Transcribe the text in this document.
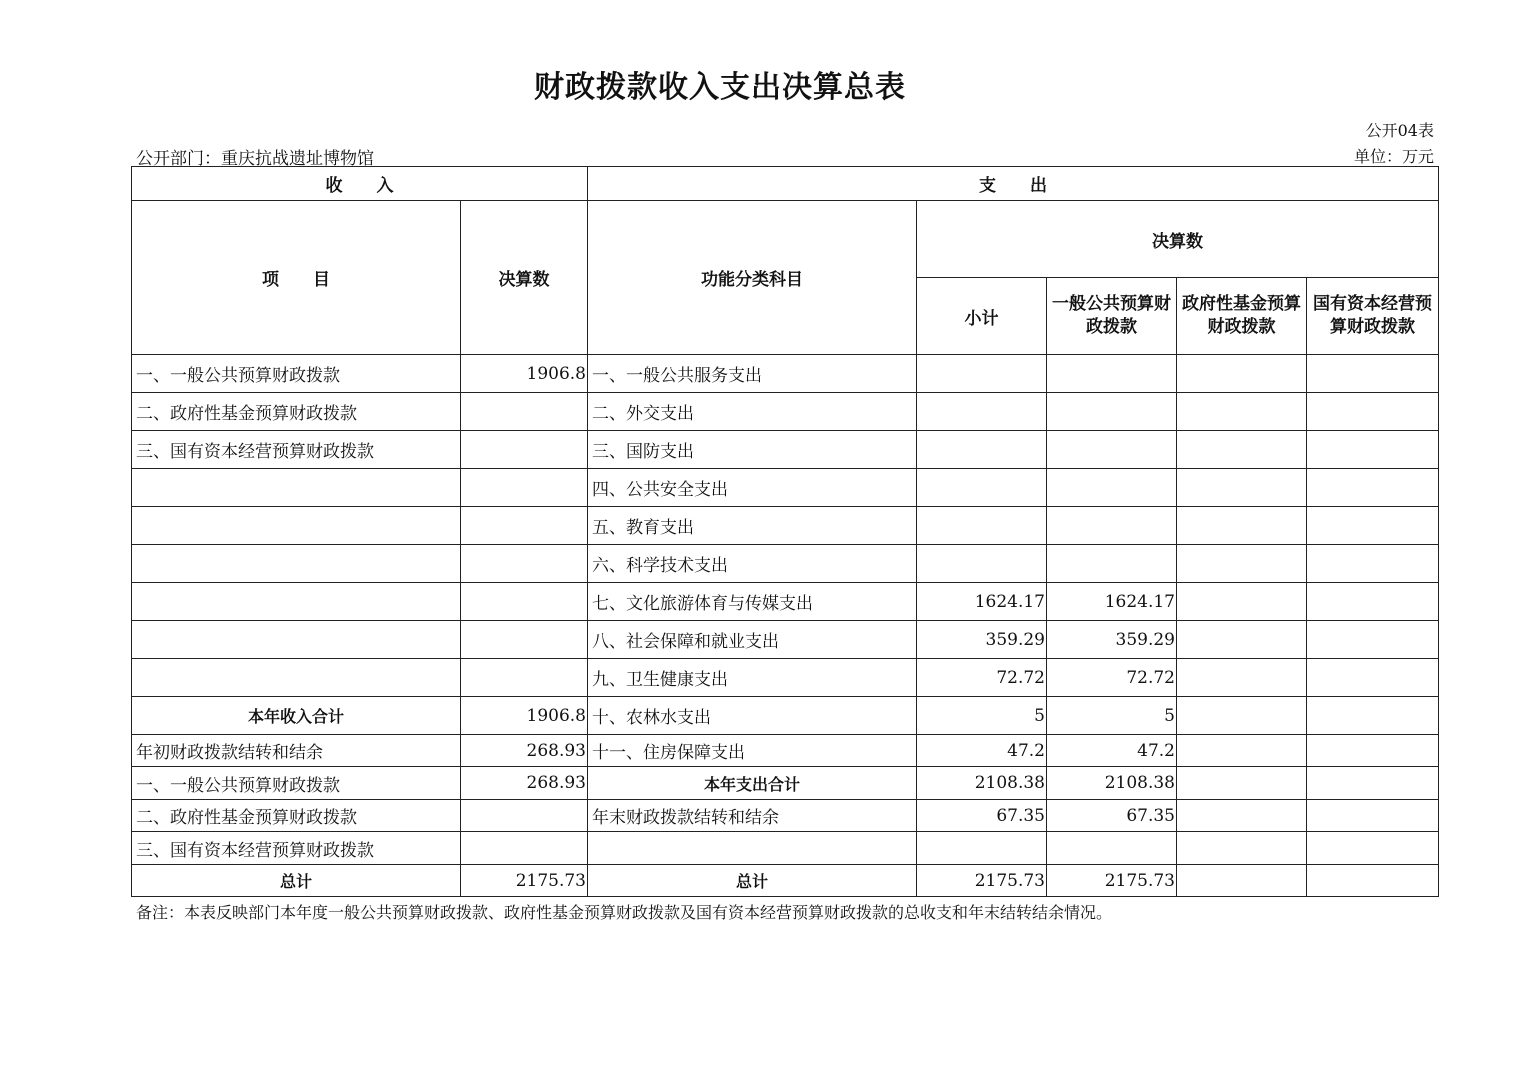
财政拨款收入支出决算总表
公开04表
公开部门：重庆抗战遗址博物馆	单位：万元
收　　入		支　　出				
项　　目	决算数	功能分类科目	决算数			
			小计	一般公共预算财政拨款	政府性基金预算财政拨款	国有资本经营预算财政拨款
一、一般公共预算财政拨款	1906.8	一、一般公共服务支出				
二、政府性基金预算财政拨款		二、外交支出				
三、国有资本经营预算财政拨款		三、国防支出				
		四、公共安全支出				
		五、教育支出				
		六、科学技术支出				
		七、文化旅游体育与传媒支出	1624.17	1624.17		
		八、社会保障和就业支出	359.29	359.29		
		九、卫生健康支出	72.72	72.72		
本年收入合计	1906.8	十、农林水支出	5	5		
年初财政拨款结转和结余	268.93	十一、住房保障支出	47.2	47.2		
一、一般公共预算财政拨款	268.93	本年支出合计	2108.38	2108.38		
二、政府性基金预算财政拨款		年末财政拨款结转和结余	67.35	67.35		
三、国有资本经营预算财政拨款						
总计	2175.73	总计	2175.73	2175.73		
备注：本表反映部门本年度一般公共预算财政拨款、政府性基金预算财政拨款及国有资本经营预算财政拨款的总收支和年末结转结余情况。
